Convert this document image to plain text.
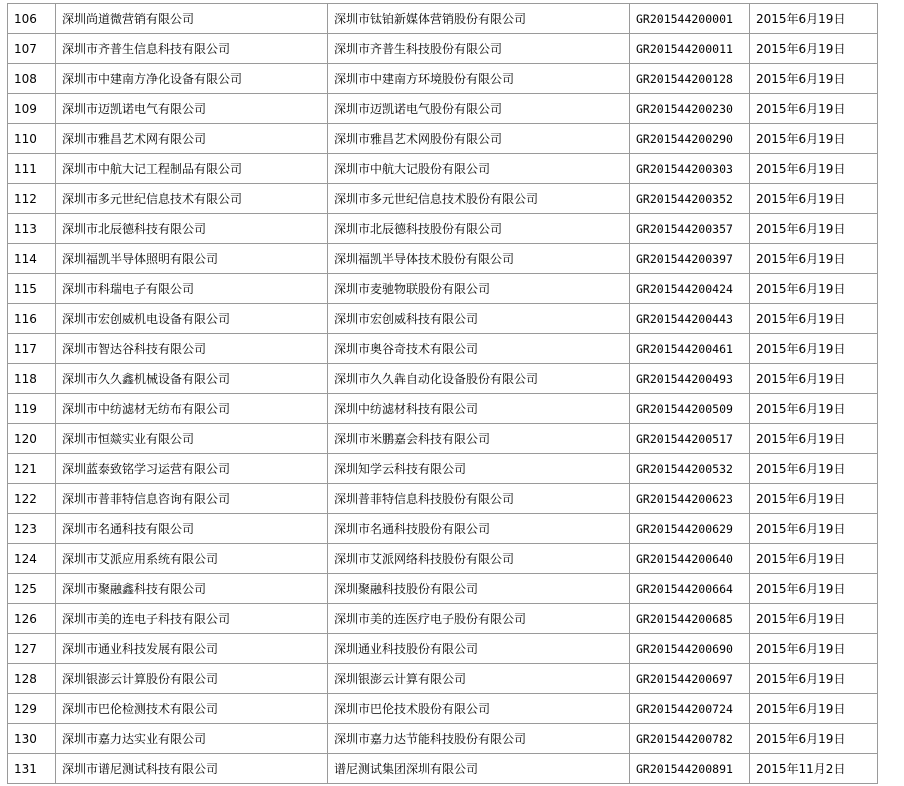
106	深圳尚道微营销有限公司	深圳市钛铂新媒体营销股份有限公司	GR201544200001	2015年6月19日
107	深圳市齐普生信息科技有限公司	深圳市齐普生科技股份有限公司	GR201544200011	2015年6月19日
108	深圳市中建南方净化设备有限公司	深圳市中建南方环境股份有限公司	GR201544200128	2015年6月19日
109	深圳市迈凯诺电气有限公司	深圳市迈凯诺电气股份有限公司	GR201544200230	2015年6月19日
110	深圳市雅昌艺术网有限公司	深圳市雅昌艺术网股份有限公司	GR201544200290	2015年6月19日
111	深圳市中航大记工程制品有限公司	深圳市中航大记股份有限公司	GR201544200303	2015年6月19日
112	深圳市多元世纪信息技术有限公司	深圳市多元世纪信息技术股份有限公司	GR201544200352	2015年6月19日
113	深圳市北辰德科技有限公司	深圳市北辰德科技股份有限公司	GR201544200357	2015年6月19日
114	深圳福凯半导体照明有限公司	深圳福凯半导体技术股份有限公司	GR201544200397	2015年6月19日
115	深圳市科瑞电子有限公司	深圳市麦驰物联股份有限公司	GR201544200424	2015年6月19日
116	深圳市宏创威机电设备有限公司	深圳市宏创威科技有限公司	GR201544200443	2015年6月19日
117	深圳市智达谷科技有限公司	深圳市奥谷奇技术有限公司	GR201544200461	2015年6月19日
118	深圳市久久鑫机械设备有限公司	深圳市久久犇自动化设备股份有限公司	GR201544200493	2015年6月19日
119	深圳市中纺滤材无纺布有限公司	深圳中纺滤材科技有限公司	GR201544200509	2015年6月19日
120	深圳市恒燚实业有限公司	深圳市米鹏嘉会科技有限公司	GR201544200517	2015年6月19日
121	深圳蓝泰致铭学习运营有限公司	深圳知学云科技有限公司	GR201544200532	2015年6月19日
122	深圳市普菲特信息咨询有限公司	深圳普菲特信息科技股份有限公司	GR201544200623	2015年6月19日
123	深圳市名通科技有限公司	深圳市名通科技股份有限公司	GR201544200629	2015年6月19日
124	深圳市艾派应用系统有限公司	深圳市艾派网络科技股份有限公司	GR201544200640	2015年6月19日
125	深圳市聚融鑫科技有限公司	深圳聚融科技股份有限公司	GR201544200664	2015年6月19日
126	深圳市美的连电子科技有限公司	深圳市美的连医疗电子股份有限公司	GR201544200685	2015年6月19日
127	深圳市通业科技发展有限公司	深圳通业科技股份有限公司	GR201544200690	2015年6月19日
128	深圳银澎云计算股份有限公司	深圳银澎云计算有限公司	GR201544200697	2015年6月19日
129	深圳市巴伦检测技术有限公司	深圳市巴伦技术股份有限公司	GR201544200724	2015年6月19日
130	深圳市嘉力达实业有限公司	深圳市嘉力达节能科技股份有限公司	GR201544200782	2015年6月19日
131	深圳市谱尼测试科技有限公司	谱尼测试集团深圳有限公司	GR201544200891	2015年11月2日
